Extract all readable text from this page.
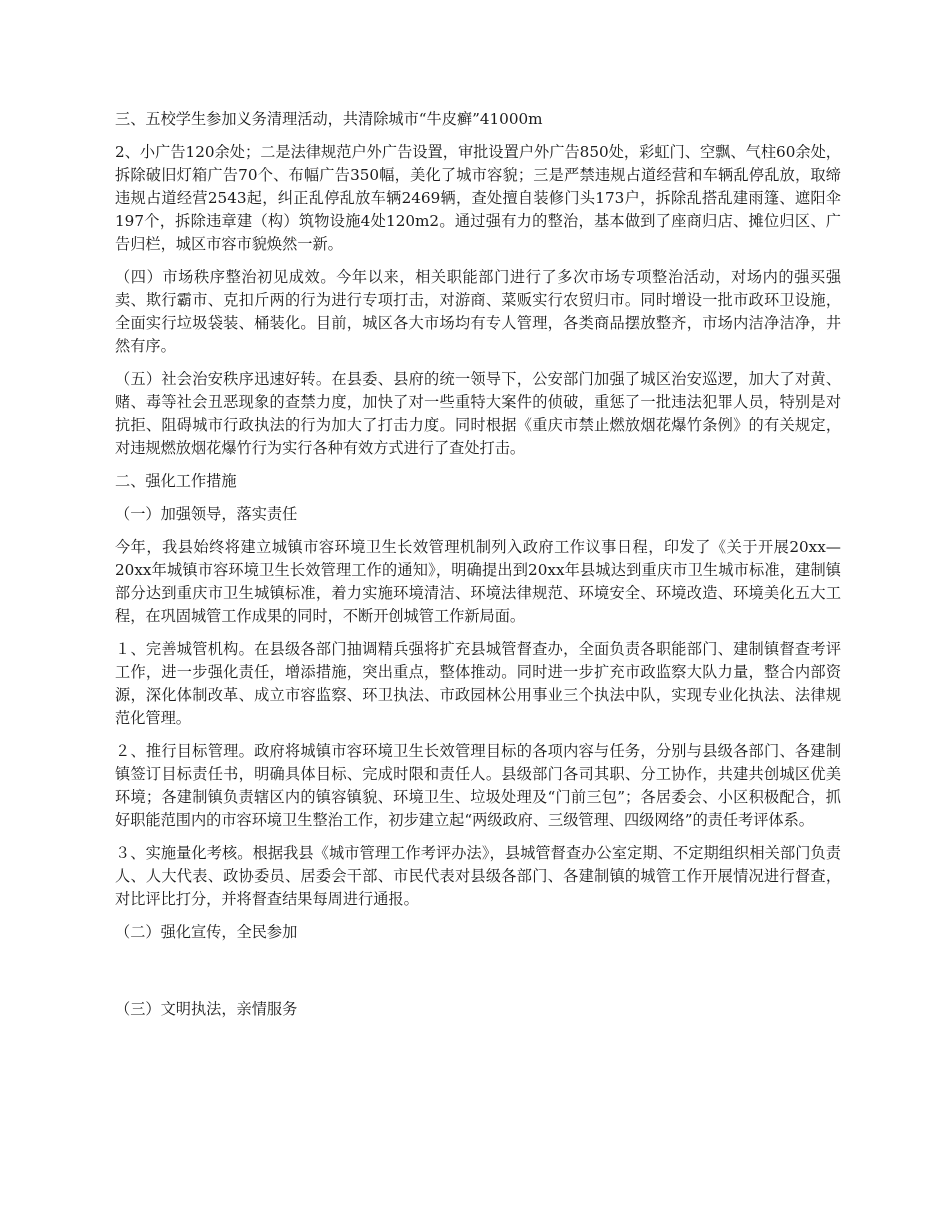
三、五校学生参加义务清理活动，共清除城市“牛皮癣”41000m

2、小广告120余处；二是法律规范户外广告设置，审批设置户外广告850处，彩虹门、空飘、气柱60余处，拆除破旧灯箱广告70个、布幅广告350幅，美化了城市容貌；三是严禁违规占道经营和车辆乱停乱放，取缔违规占道经营2543起，纠正乱停乱放车辆2469辆，查处擅自装修门头173户，拆除乱搭乱建雨篷、遮阳伞197个，拆除违章建（构）筑物设施4处120m2。通过强有力的整治，基本做到了座商归店、摊位归区、广告归栏，城区市容市貌焕然一新。

（四）市场秩序整治初见成效。今年以来，相关职能部门进行了多次市场专项整治活动，对场内的强买强卖、欺行霸市、克扣斤两的行为进行专项打击，对游商、菜贩实行农贸归市。同时增设一批市政环卫设施，全面实行垃圾袋装、桶装化。目前，城区各大市场均有专人管理，各类商品摆放整齐，市场内洁净洁净，井然有序。

（五）社会治安秩序迅速好转。在县委、县府的统一领导下，公安部门加强了城区治安巡逻，加大了对黄、赌、毒等社会丑恶现象的查禁力度，加快了对一些重特大案件的侦破，重惩了一批违法犯罪人员，特别是对抗拒、阻碍城市行政执法的行为加大了打击力度。同时根据《重庆市禁止燃放烟花爆竹条例》的有关规定，对违规燃放烟花爆竹行为实行各种有效方式进行了查处打击。

二、强化工作措施

（一）加强领导，落实责任

今年，我县始终将建立城镇市容环境卫生长效管理机制列入政府工作议事日程，印发了《关于开展20xx—20xx年城镇市容环境卫生长效管理工作的通知》，明确提出到20xx年县城达到重庆市卫生城市标准，建制镇部分达到重庆市卫生城镇标准，着力实施环境清洁、环境法律规范、环境安全、环境改造、环境美化五大工程，在巩固城管工作成果的同时，不断开创城管工作新局面。

１、完善城管机构。在县级各部门抽调精兵强将扩充县城管督查办，全面负责各职能部门、建制镇督查考评工作，进一步强化责任，增添措施，突出重点，整体推动。同时进一步扩充市政监察大队力量，整合内部资源，深化体制改革、成立市容监察、环卫执法、市政园林公用事业三个执法中队，实现专业化执法、法律规范化管理。

２、推行目标管理。政府将城镇市容环境卫生长效管理目标的各项内容与任务，分别与县级各部门、各建制镇签订目标责任书，明确具体目标、完成时限和责任人。县级部门各司其职、分工协作，共建共创城区优美环境；各建制镇负责辖区内的镇容镇貌、环境卫生、垃圾处理及“门前三包”；各居委会、小区积极配合，抓好职能范围内的市容环境卫生整治工作，初步建立起“两级政府、三级管理、四级网络”的责任考评体系。

３、实施量化考核。根据我县《城市管理工作考评办法》，县城管督查办公室定期、不定期组织相关部门负责人、人大代表、政协委员、居委会干部、市民代表对县级各部门、各建制镇的城管工作开展情况进行督查，对比评比打分，并将督查结果每周进行通报。

（二）强化宣传，全民参加

（三）文明执法，亲情服务
